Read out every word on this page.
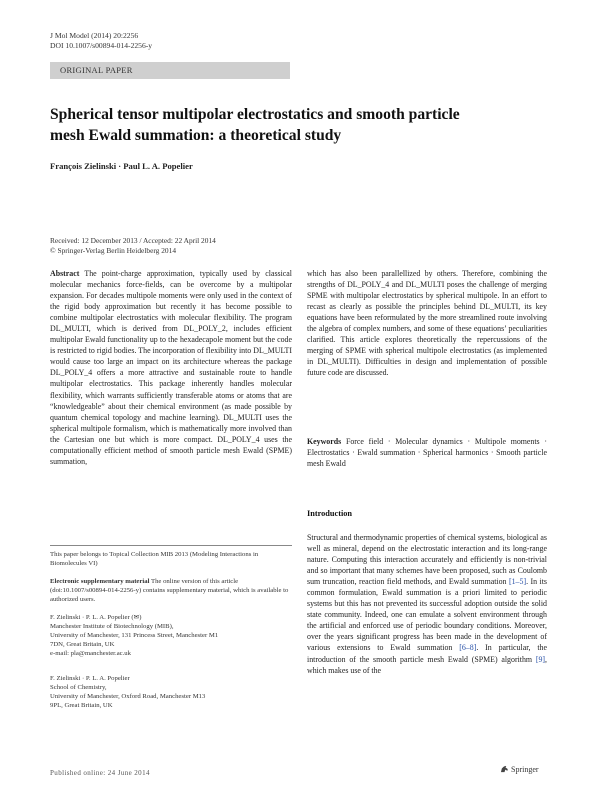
J Mol Model (2014) 20:2256
DOI 10.1007/s00894-014-2256-y
ORIGINAL PAPER
Spherical tensor multipolar electrostatics and smooth particle
mesh Ewald summation: a theoretical study
François Zielinski · Paul L. A. Popelier
Received: 12 December 2013 / Accepted: 22 April 2014
© Springer-Verlag Berlin Heidelberg 2014
Abstract The point-charge approximation, typically used by classical molecular mechanics force-fields, can be overcome by a multipolar expansion. For decades multipole moments were only used in the context of the rigid body approximation but recently it has become possible to combine multipolar electrostatics with molecular flexibility. The program DL_MULTI, which is derived from DL_POLY_2, includes efficient multipolar Ewald functionality up to the hexadecapole moment but the code is restricted to rigid bodies. The incorporation of flexibility into DL_MULTI would cause too large an impact on its architecture whereas the package DL_POLY_4 offers a more attractive and sustainable route to handle multipolar electrostatics. This package inherently handles molecular flexibility, which warrants sufficiently transferable atoms or atoms that are “knowledgeable” about their chemical environment (as made possible by quantum chemical topology and machine learning). DL_MULTI uses the spherical multipole formalism, which is mathematically more involved than the Cartesian one but which is more compact. DL_POLY_4 uses the computationally efficient method of smooth particle mesh Ewald (SPME) summation,
which has also been parallellized by others. Therefore, combining the strengths of DL_POLY_4 and DL_MULTI poses the challenge of merging SPME with multipolar electrostatics by spherical multipole. In an effort to recast as clearly as possible the principles behind DL_MULTI, its key equations have been reformulated by the more streamlined route involving the algebra of complex numbers, and some of these equations’ peculiarities clarified. This article explores theoretically the repercussions of the merging of SPME with spherical multipole electrostatics (as implemented in DL_MULTI). Difficulties in design and implementation of possible future code are discussed.
Keywords Force field · Molecular dynamics · Multipole moments · Electrostatics · Ewald summation · Spherical harmonics · Smooth particle mesh Ewald
Introduction
Structural and thermodynamic properties of chemical systems, biological as well as mineral, depend on the electrostatic interaction and its long-range nature. Computing this interaction accurately and efficiently is non-trivial and so important that many schemes have been proposed, such as Coulomb sum truncation, reaction field methods, and Ewald summation [1–5]. In its common formulation, Ewald summation is a priori limited to periodic systems but this has not prevented its successful adoption outside the solid state community. Indeed, one can emulate a solvent environment through the artificial and enforced use of periodic boundary conditions. Moreover, over the years significant progress has been made in the development of various extensions to Ewald summation [6–8]. In particular, the introduction of the smooth particle mesh Ewald (SPME) algorithm [9], which makes use of the
This paper belongs to Topical Collection MIB 2013 (Modeling Interactions in Biomolecules VI)
Electronic supplementary material The online version of this article (doi:10.1007/s00894-014-2256-y) contains supplementary material, which is available to authorized users.
F. Zielinski · P. L. A. Popelier (✉)
Manchester Institute of Biotechnology (MIB),
University of Manchester, 131 Princess Street, Manchester M1
7DN, Great Britain, UK
e-mail: pla@manchester.ac.uk
F. Zielinski · P. L. A. Popelier
School of Chemistry,
University of Manchester, Oxford Road, Manchester M13
9PL, Great Britain, UK
Published online: 24 June 2014	Springer
